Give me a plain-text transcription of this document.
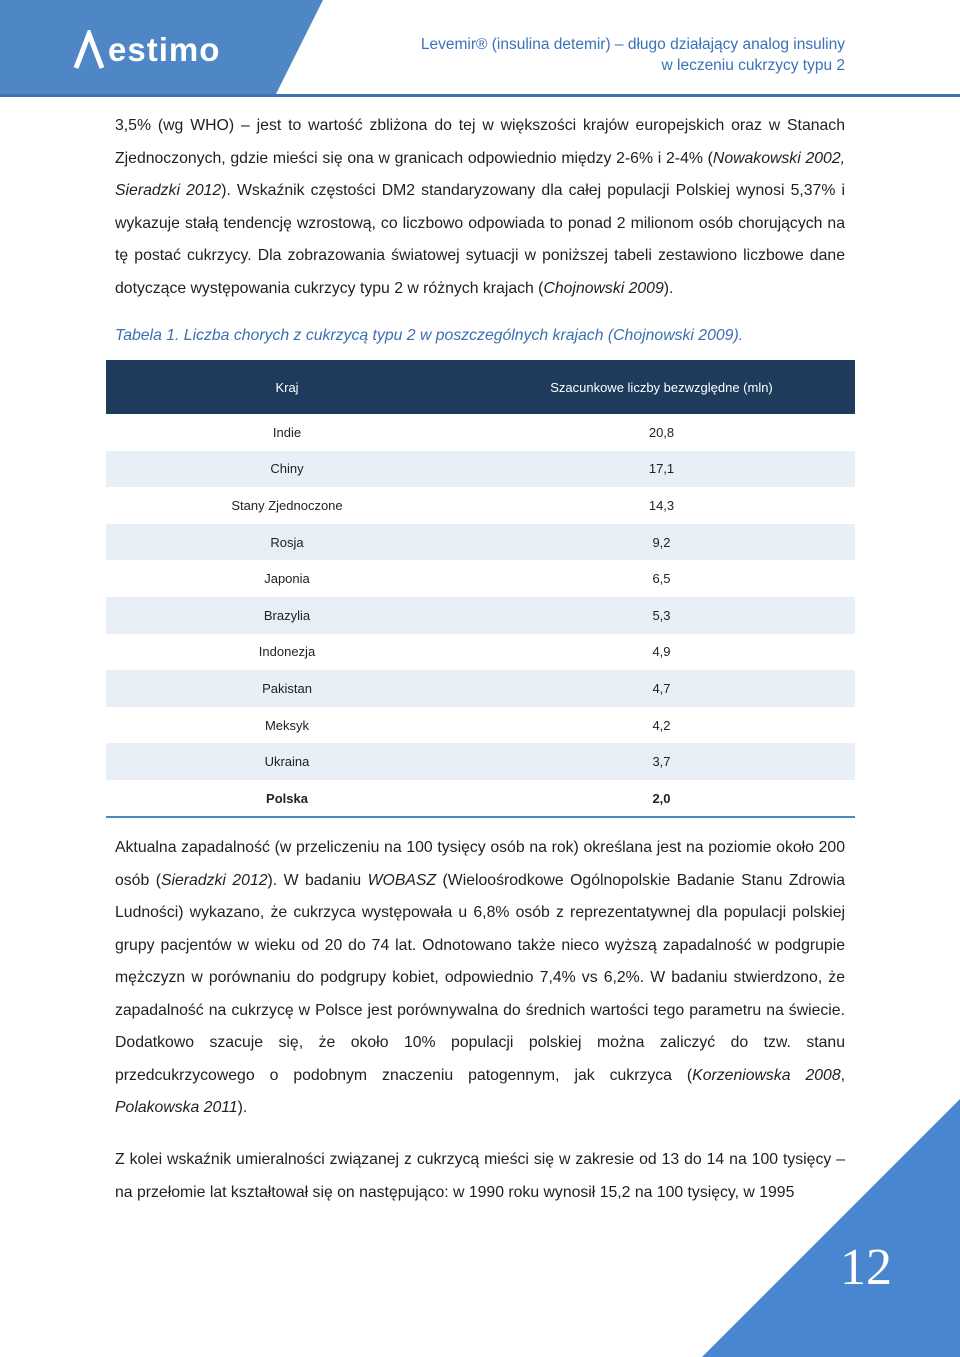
estimo	Levemir® (insulina detemir) – długo działający analog insuliny
w leczeniu cukrzycy typu 2
3,5% (wg WHO) – jest to wartość zbliżona do tej w większości krajów europejskich oraz w Stanach Zjednoczonych, gdzie mieści się ona w granicach odpowiednio między 2-6% i 2-4% (Nowakowski 2002, Sieradzki 2012). Wskaźnik częstości DM2 standaryzowany dla całej populacji Polskiej wynosi 5,37% i wykazuje stałą tendencję wzrostową, co liczbowo odpowiada to ponad 2 milionom osób chorujących na tę postać cukrzycy. Dla zobrazowania światowej sytuacji w poniższej tabeli zestawiono liczbowe dane dotyczące występowania cukrzycy typu 2 w różnych krajach (Chojnowski 2009).
Tabela 1. Liczba chorych z cukrzycą typu 2 w poszczególnych krajach (Chojnowski 2009).
Kraj	Szacunkowe liczby bezwzględne (mln)
Indie	20,8
Chiny	17,1
Stany Zjednoczone	14,3
Rosja	9,2
Japonia	6,5
Brazylia	5,3
Indonezja	4,9
Pakistan	4,7
Meksyk	4,2
Ukraina	3,7
Polska	2,0
Aktualna zapadalność (w przeliczeniu na 100 tysięcy osób na rok) określana jest na poziomie około 200 osób (Sieradzki 2012). W badaniu WOBASZ (Wieloośrodkowe Ogólnopolskie Badanie Stanu Zdrowia Ludności) wykazano, że cukrzyca występowała u 6,8% osób z reprezentatywnej dla populacji polskiej grupy pacjentów w wieku od 20 do 74 lat. Odnotowano także nieco wyższą zapadalność w podgrupie mężczyzn w porównaniu do podgrupy kobiet, odpowiednio 7,4% vs 6,2%. W badaniu stwierdzono, że zapadalność na cukrzycę w Polsce jest porównywalna do średnich wartości tego parametru na świecie. Dodatkowo szacuje się, że około 10% populacji polskiej można zaliczyć do tzw. stanu przedcukrzycowego o podobnym znaczeniu patogennym, jak cukrzyca (Korzeniowska 2008, Polakowska 2011).
Z kolei wskaźnik umieralności związanej z cukrzycą mieści się w zakresie od 13 do 14 na 100 tysięcy – na przełomie lat kształtował się on następująco: w 1990 roku wynosił 15,2 na 100 tysięcy, w 1995
12
